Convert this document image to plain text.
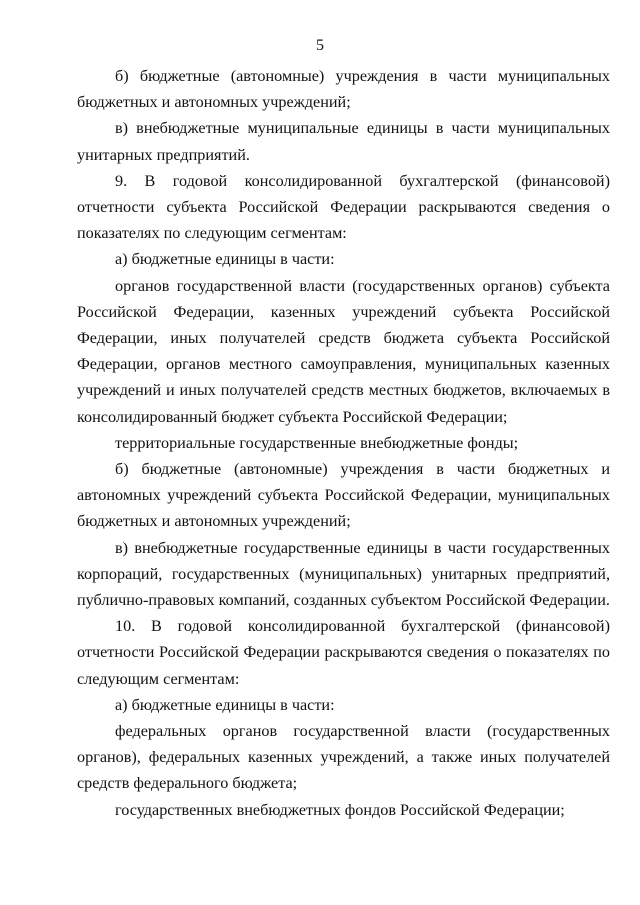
5

б) бюджетные (автономные) учреждения в части муниципальных бюджетных и автономных учреждений;

в) внебюджетные муниципальные единицы в части муниципальных унитарных предприятий.

9. В годовой консолидированной бухгалтерской (финансовой) отчетности субъекта Российской Федерации раскрываются сведения о показателях по следующим сегментам:

а) бюджетные единицы в части:

органов государственной власти (государственных органов) субъекта Российской Федерации, казенных учреждений субъекта Российской Федерации, иных получателей средств бюджета субъекта Российской Федерации, органов местного самоуправления, муниципальных казенных учреждений и иных получателей средств местных бюджетов, включаемых в консолидированный бюджет субъекта Российской Федерации;

территориальные государственные внебюджетные фонды;

б) бюджетные (автономные) учреждения в части бюджетных и автономных учреждений субъекта Российской Федерации, муниципальных бюджетных и автономных учреждений;

в) внебюджетные государственные единицы в части государственных корпораций, государственных (муниципальных) унитарных предприятий, публично-правовых компаний, созданных субъектом Российской Федерации.

10. В годовой консолидированной бухгалтерской (финансовой) отчетности Российской Федерации раскрываются сведения о показателях по следующим сегментам:

а) бюджетные единицы в части:

федеральных органов государственной власти (государственных органов), федеральных казенных учреждений, а также иных получателей средств федерального бюджета;

государственных внебюджетных фондов Российской Федерации;
